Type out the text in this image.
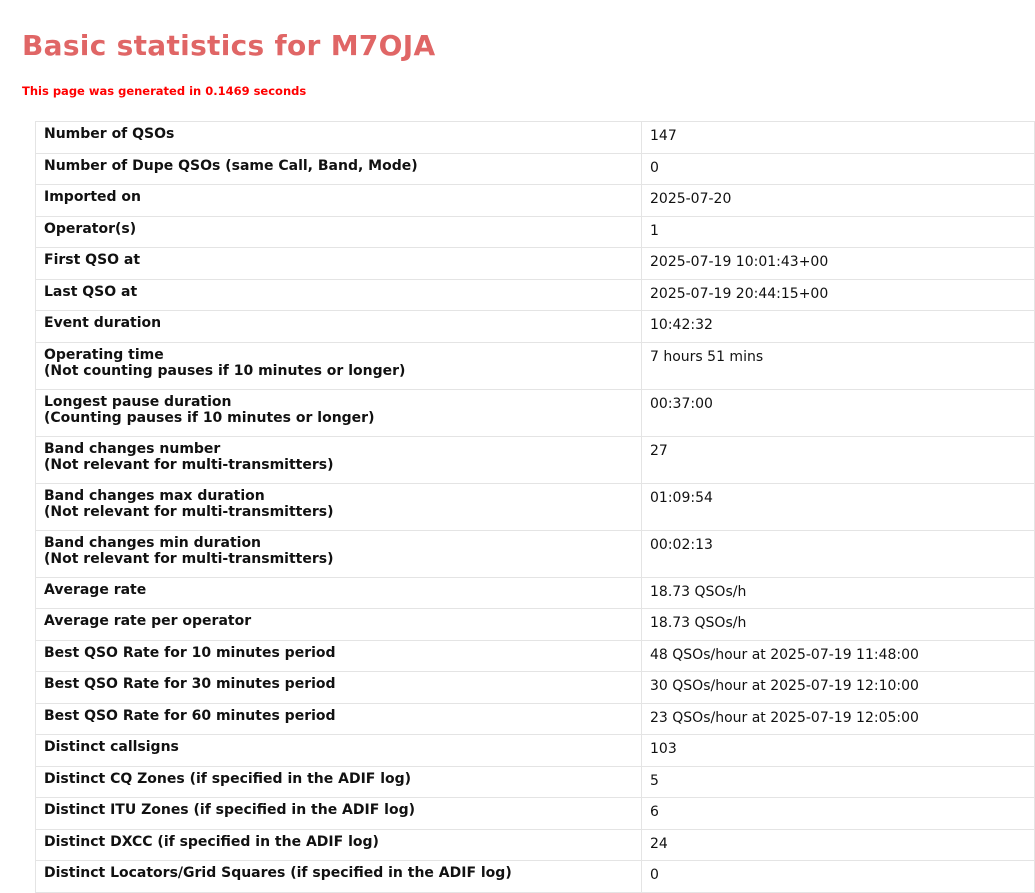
Basic statistics for M7OJA

This page was generated in 0.1469 seconds

Number of QSOs	147

Number of Dupe QSOs (same Call, Band, Mode)	0

Imported on	2025-07-20

Operator(s)	1

First QSO at	2025-07-19 10:01:43+00

Last QSO at	2025-07-19 20:44:15+00

Event duration	10:42:32

Operating time
(Not counting pauses if 10 minutes or longer)	7 hours 51 mins

Longest pause duration
(Counting pauses if 10 minutes or longer)	00:37:00

Band changes number
(Not relevant for multi-transmitters)	27

Band changes max duration
(Not relevant for multi-transmitters)	01:09:54

Band changes min duration
(Not relevant for multi-transmitters)	00:02:13

Average rate	18.73 QSOs/h

Average rate per operator	18.73 QSOs/h

Best QSO Rate for 10 minutes period	48 QSOs/hour at 2025-07-19 11:48:00

Best QSO Rate for 30 minutes period	30 QSOs/hour at 2025-07-19 12:10:00

Best QSO Rate for 60 minutes period	23 QSOs/hour at 2025-07-19 12:05:00

Distinct callsigns	103

Distinct CQ Zones (if specified in the ADIF log)	5

Distinct ITU Zones (if specified in the ADIF log)	6

Distinct DXCC (if specified in the ADIF log)	24

Distinct Locators/Grid Squares (if specified in the ADIF log)	0
